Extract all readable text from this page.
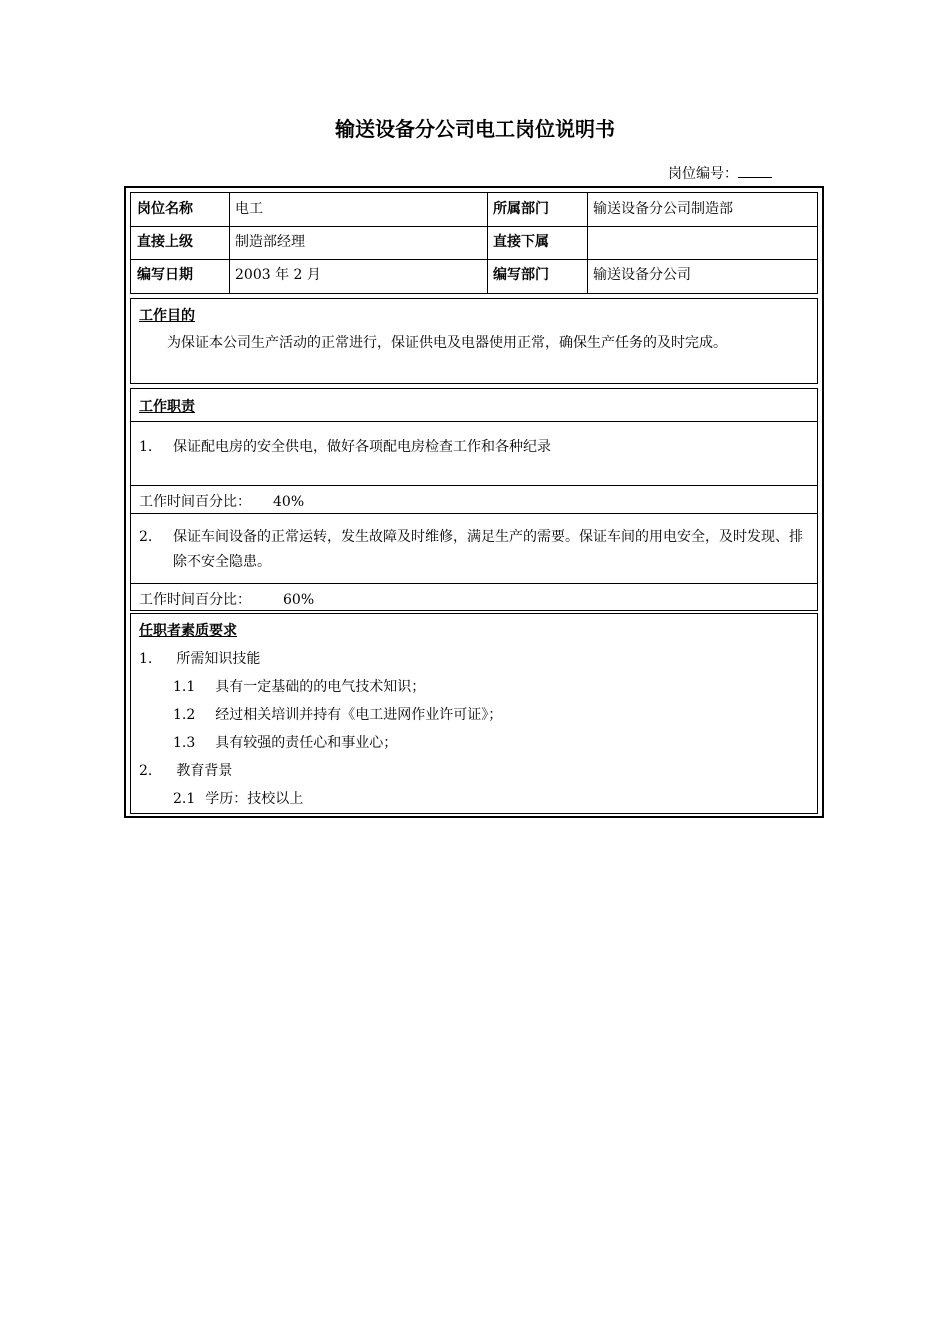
输送设备分公司电工岗位说明书
岗位编号：
岗位名称	电工	所属部门	输送设备分公司制造部
直接上级	制造部经理	直接下属
编写日期	2003 年 2 月	编写部门	输送设备分公司
工作目的
为保证本公司生产活动的正常进行，保证供电及电器使用正常，确保生产任务的及时完成。
工作职责
1.	保证配电房的安全供电，做好各项配电房检查工作和各种纪录
工作时间百分比： 40%
2.	保证车间设备的正常运转，发生故障及时维修，满足生产的需要。保证车间的用电安全，及时发现、排除不安全隐患。
工作时间百分比： 60%
任职者素质要求
1. 所需知识技能
1.1 具有一定基础的的电气技术知识；
1.2 经过相关培训并持有《电工进网作业许可证》；
1.3 具有较强的责任心和事业心；
2. 教育背景
2.1 学历：技校以上
